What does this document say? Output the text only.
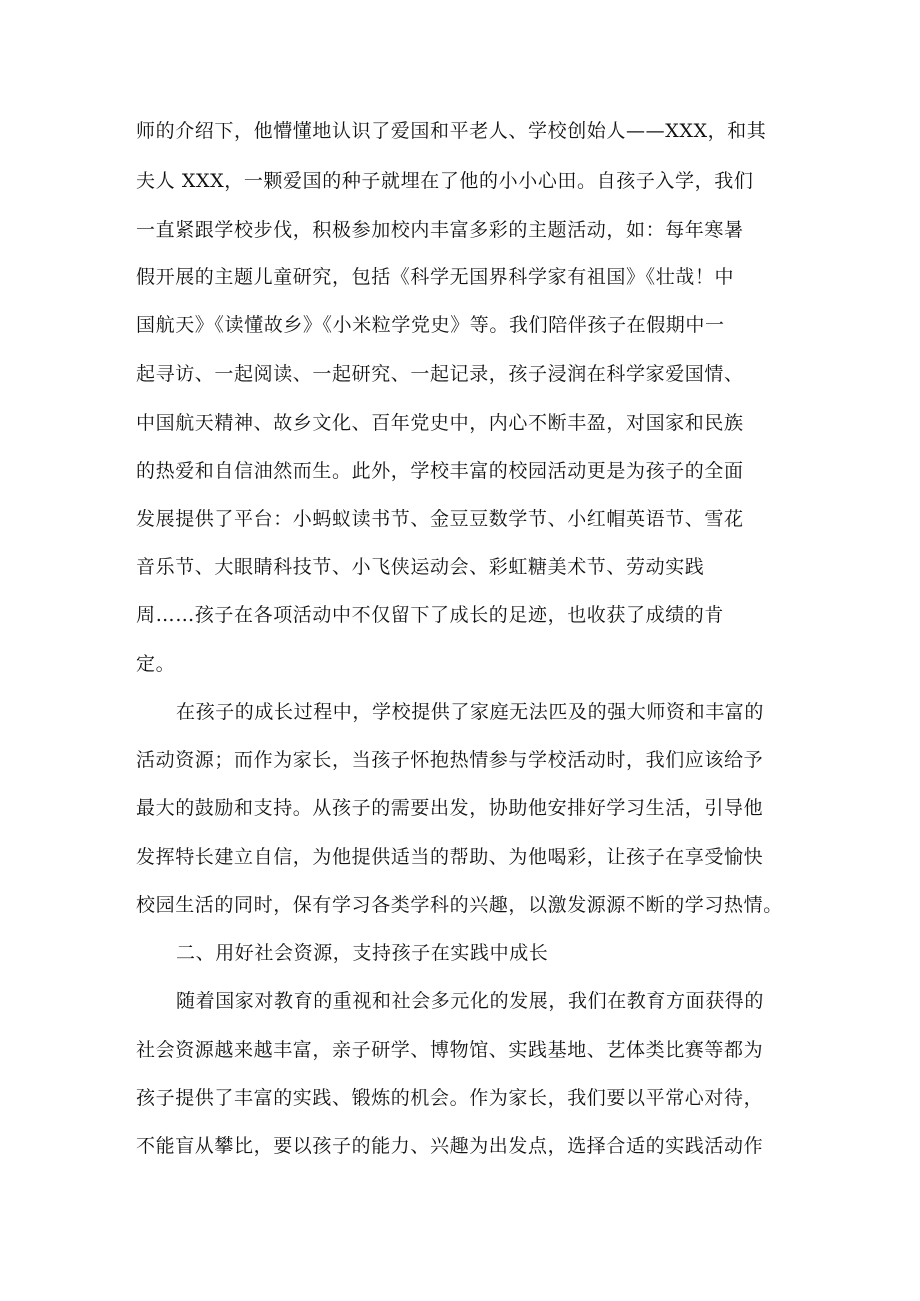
师的介绍下，他懵懂地认识了爱国和平老人、学校创始人——XXX，和其
夫人 XXX，一颗爱国的种子就埋在了他的小小心田。自孩子入学，我们
一直紧跟学校步伐，积极参加校内丰富多彩的主题活动，如：每年寒暑
假开展的主题儿童研究，包括《科学无国界科学家有祖国》《壮哉！中
国航天》《读懂故乡》《小米粒学党史》等。我们陪伴孩子在假期中一
起寻访、一起阅读、一起研究、一起记录，孩子浸润在科学家爱国情、
中国航天精神、故乡文化、百年党史中，内心不断丰盈，对国家和民族
的热爱和自信油然而生。此外，学校丰富的校园活动更是为孩子的全面
发展提供了平台：小蚂蚁读书节、金豆豆数学节、小红帽英语节、雪花
音乐节、大眼睛科技节、小飞侠运动会、彩虹糖美术节、劳动实践
周……孩子在各项活动中不仅留下了成长的足迹，也收获了成绩的肯
定。
在孩子的成长过程中，学校提供了家庭无法匹及的强大师资和丰富的
活动资源；而作为家长，当孩子怀抱热情参与学校活动时，我们应该给予
最大的鼓励和支持。从孩子的需要出发，协助他安排好学习生活，引导他
发挥特长建立自信，为他提供适当的帮助、为他喝彩，让孩子在享受愉快
校园生活的同时，保有学习各类学科的兴趣，以激发源源不断的学习热情。
二、用好社会资源，支持孩子在实践中成长
随着国家对教育的重视和社会多元化的发展，我们在教育方面获得的
社会资源越来越丰富，亲子研学、博物馆、实践基地、艺体类比赛等都为
孩子提供了丰富的实践、锻炼的机会。作为家长，我们要以平常心对待，
不能盲从攀比，要以孩子的能力、兴趣为出发点，选择合适的实践活动作
